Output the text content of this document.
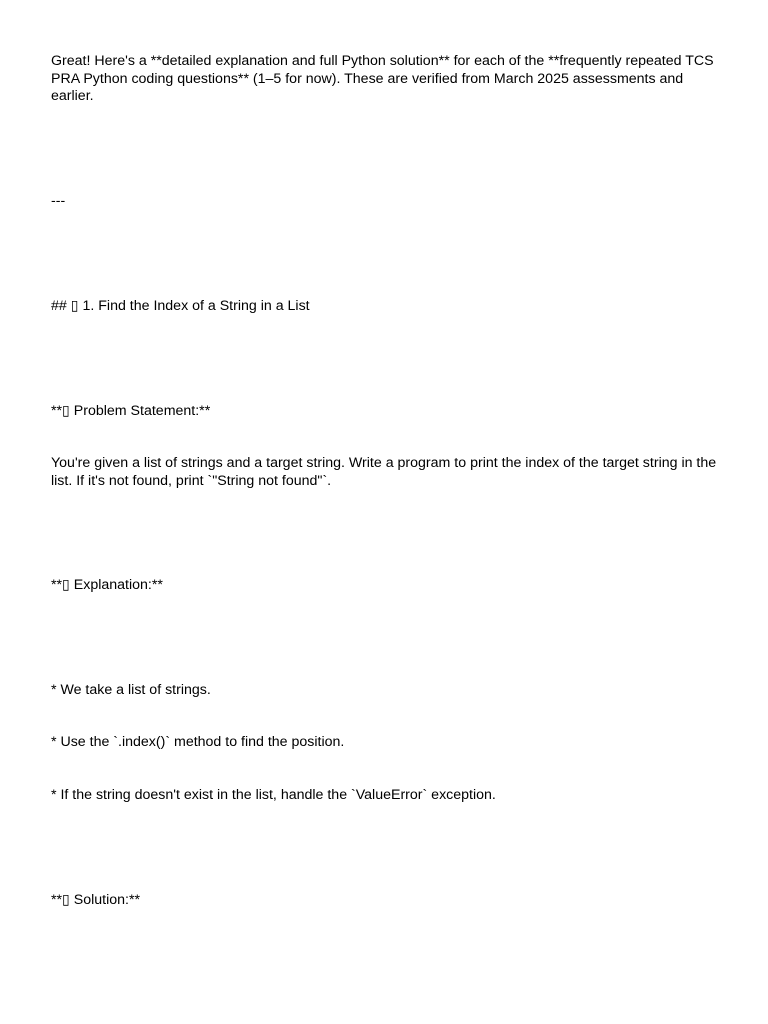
Great! Here's a **detailed explanation and full Python solution** for each of the **frequently repeated TCS PRA Python coding questions** (1–5 for now). These are verified from March 2025 assessments and earlier.

---

## ▯ 1. Find the Index of a String in a List

**▯ Problem Statement:**

You're given a list of strings and a target string. Write a program to print the index of the target string in the list. If it's not found, print `"String not found"`.

**▯ Explanation:**

* We take a list of strings.

* Use the `.index()` method to find the position.

* If the string doesn't exist in the list, handle the `ValueError` exception.

**▯ Solution:**
